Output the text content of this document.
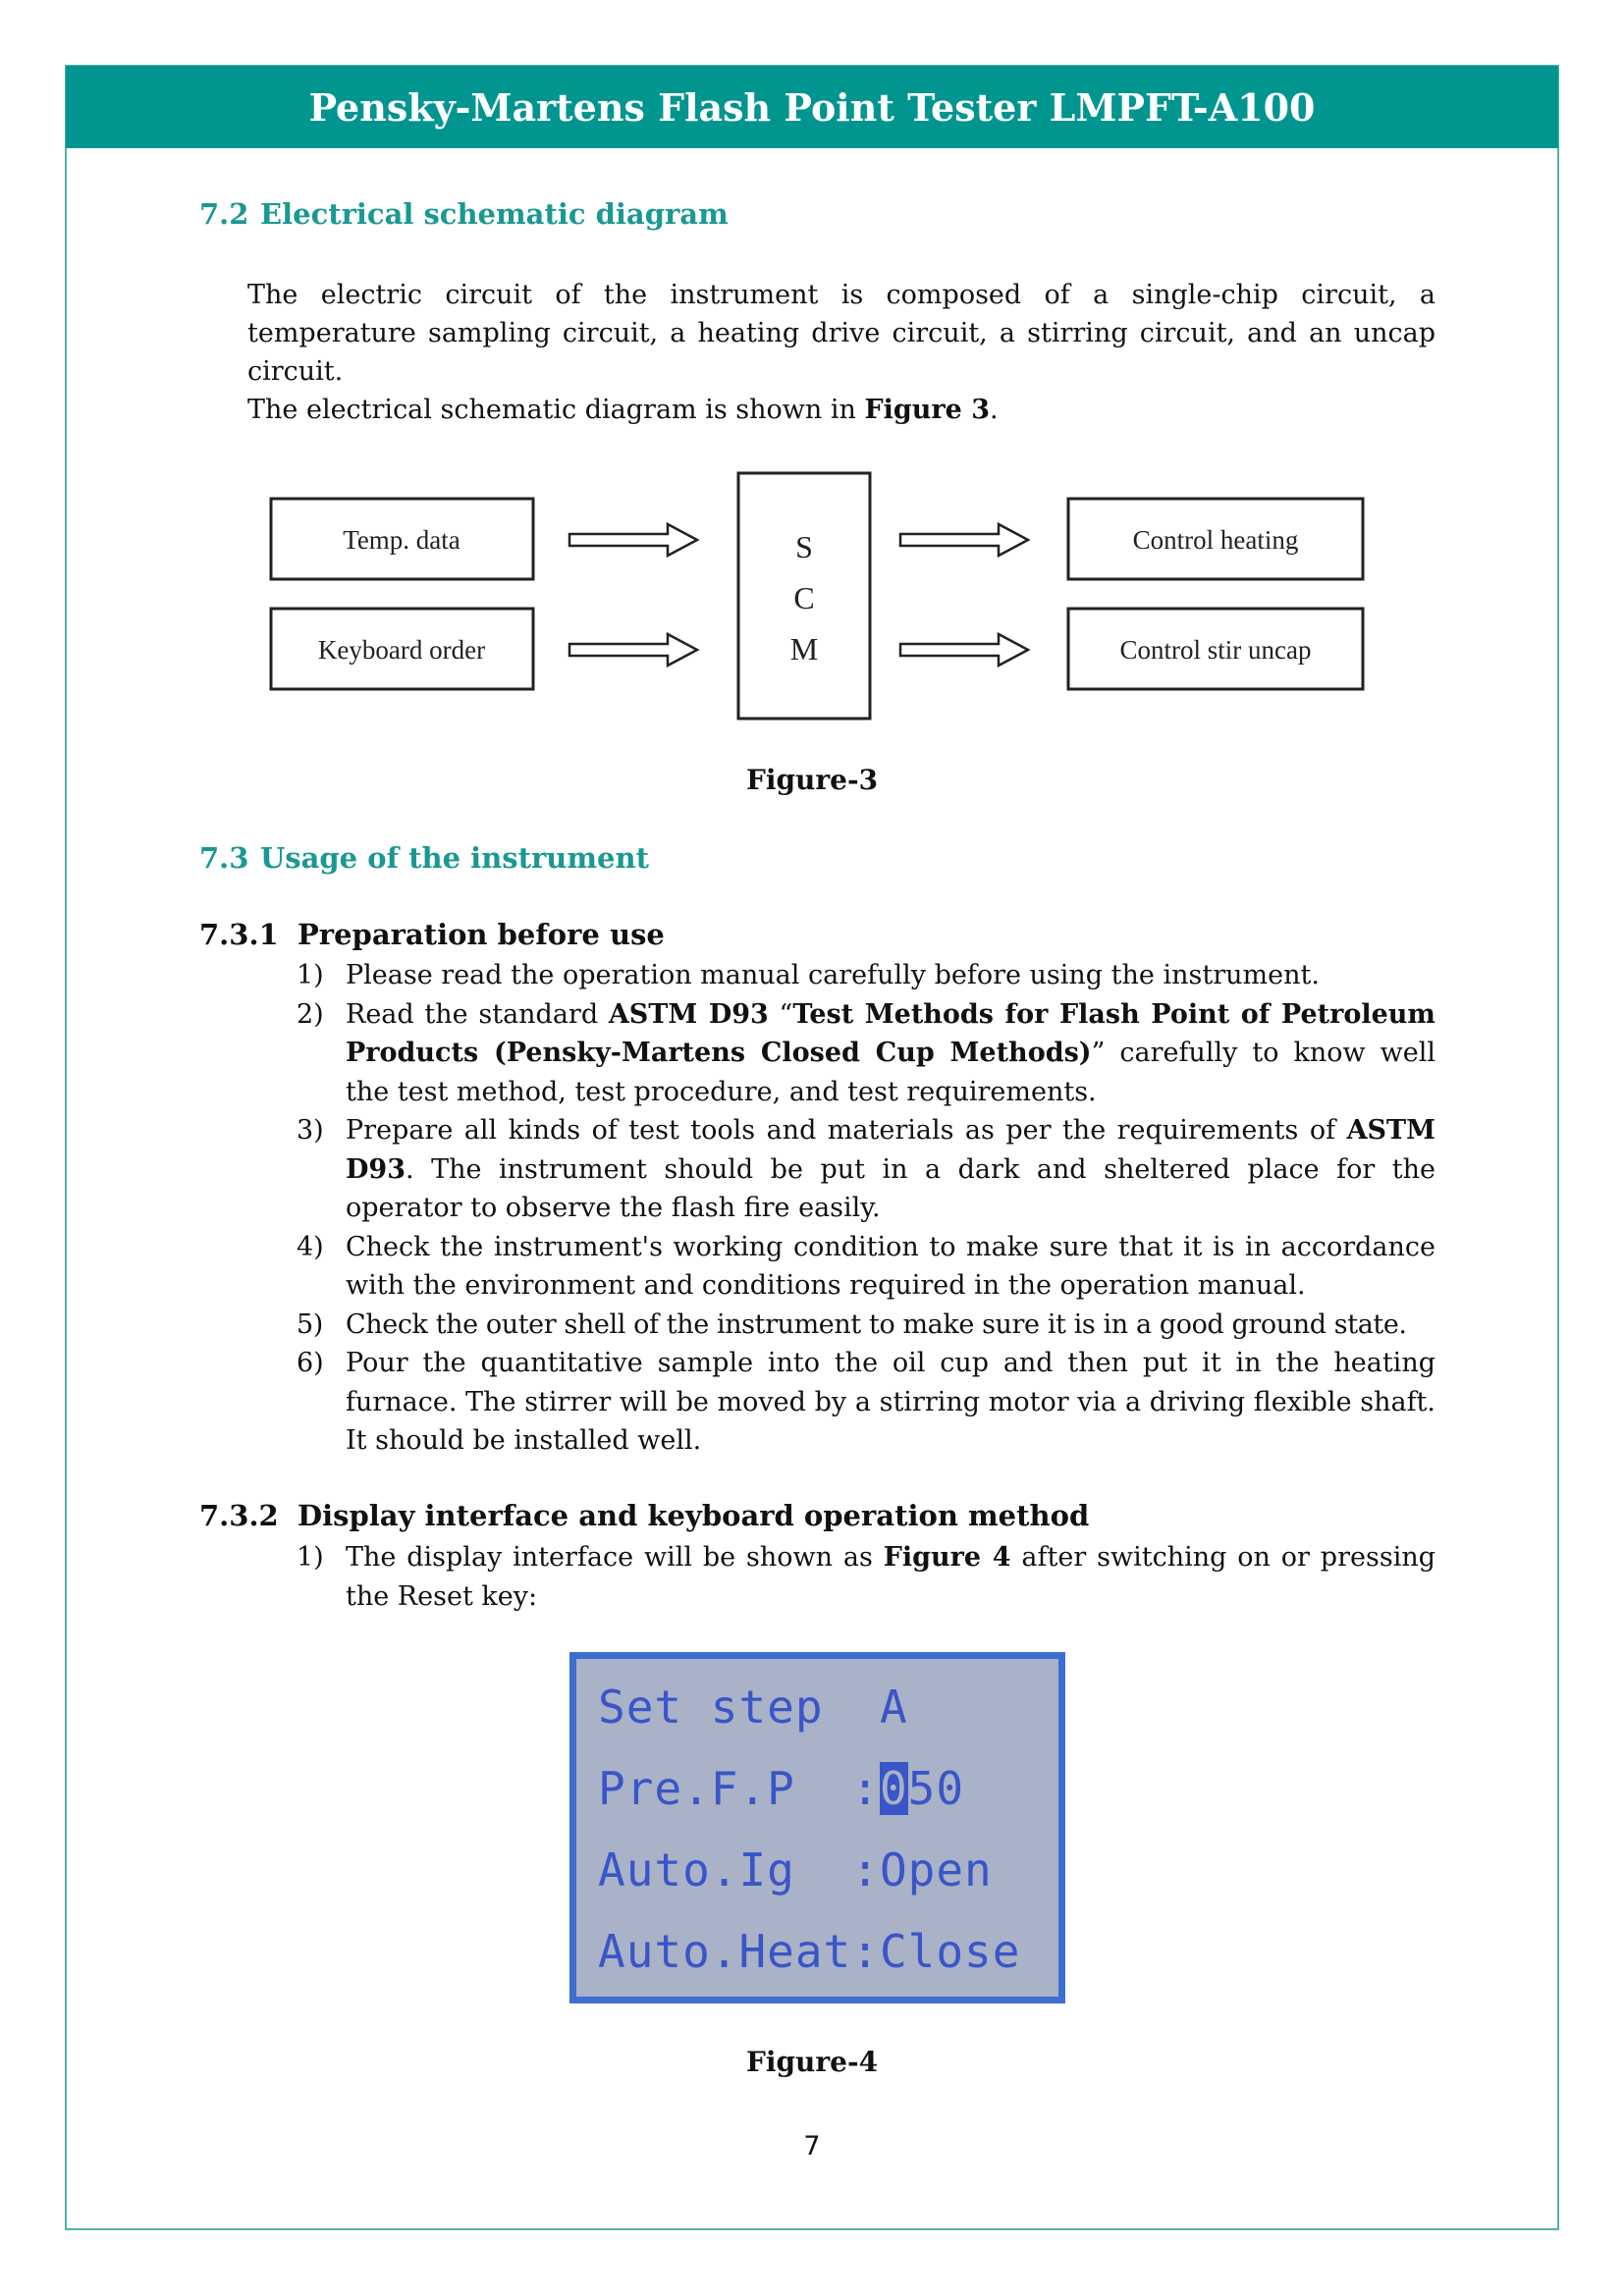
Pensky-Martens Flash Point Tester LMPFT-A100
7.2 Electrical schematic diagram
The electric circuit of the instrument is composed of a single-chip circuit, a temperature sampling circuit, a heating drive circuit, a stirring circuit, and an uncap circuit.
The electrical schematic diagram is shown in Figure 3.
Temp. data
Keyboard order
S
C
M
Control heating
Control stir uncap
Figure-3
7.3 Usage of the instrument
7.3.1 Preparation before use
1) Please read the operation manual carefully before using the instrument.
2) Read the standard ASTM D93 “Test Methods for Flash Point of Petroleum Products (Pensky-Martens Closed Cup Methods)” carefully to know well the test method, test procedure, and test requirements.
3) Prepare all kinds of test tools and materials as per the requirements of ASTM D93. The instrument should be put in a dark and sheltered place for the operator to observe the flash fire easily.
4) Check the instrument's working condition to make sure that it is in accordance with the environment and conditions required in the operation manual.
5) Check the outer shell of the instrument to make sure it is in a good ground state.
6) Pour the quantitative sample into the oil cup and then put it in the heating furnace. The stirrer will be moved by a stirring motor via a driving flexible shaft. It should be installed well.
7.3.2 Display interface and keyboard operation method
1) The display interface will be shown as Figure 4 after switching on or pressing the Reset key:
Set step A
Pre.F.P  :050
Auto.Ig  :Open
Auto.Heat:Close
Figure-4
7
